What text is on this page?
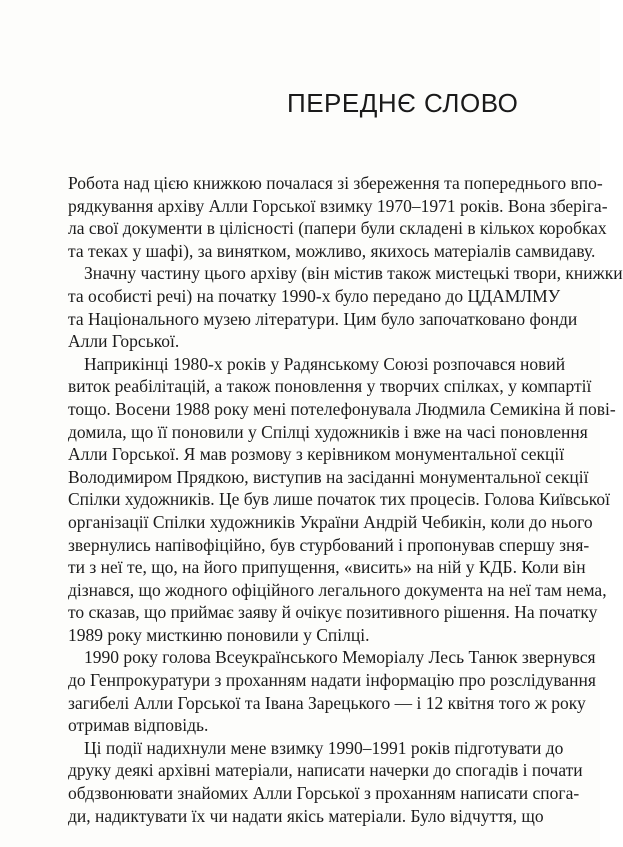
ПЕРЕДНЄ СЛОВО
Робота над цією книжкою почалася зі збереження та попереднього впо-
рядкування архіву Алли Горської взимку 1970–1971 років. Вона зберіга-
ла свої документи в цілісності (папери були складені в кількох коробках
та теках у шафі), за винятком, можливо, якихось матеріалів самвидаву.
Значну частину цього архіву (він містив також мистецькі твори, книжки
та особисті речі) на початку 1990-х було передано до ЦДАМЛМУ
та Національного музею літератури. Цим було започатковано фонди
Алли Горської.
Наприкінці 1980-х років у Радянському Союзі розпочався новий
виток реабілітацій, а також поновлення у творчих спілках, у компартії
тощо. Восени 1988 року мені потелефонувала Людмила Семикіна й пові-
домила, що її поновили у Спілці художників і вже на часі поновлення
Алли Горської. Я мав розмову з керівником монументальної секції
Володимиром Прядкою, виступив на засіданні монументальної секції
Спілки художників. Це був лише початок тих процесів. Голова Київської
організації Спілки художників України Андрій Чебикін, коли до нього
звернулись напівофіційно, був стурбований і пропонував спершу зня-
ти з неї те, що, на його припущення, «висить» на ній у КДБ. Коли він
дізнався, що жодного офіційного легального документа на неї там нема,
то сказав, що приймає заяву й очікує позитивного рішення. На початку
1989 року мисткиню поновили у Спілці.
1990 року голова Всеукраїнського Меморіалу Лесь Танюк звернувся
до Генпрокуратури з проханням надати інформацію про розслідування
загибелі Алли Горської та Івана Зарецького — і 12 квітня того ж року
отримав відповідь.
Ці події надихнули мене взимку 1990–1991 років підготувати до
друку деякі архівні матеріали, написати начерки до спогадів і почати
обдзвонювати знайомих Алли Горської з проханням написати спога-
ди, надиктувати їх чи надати якісь матеріали. Було відчуття, що
